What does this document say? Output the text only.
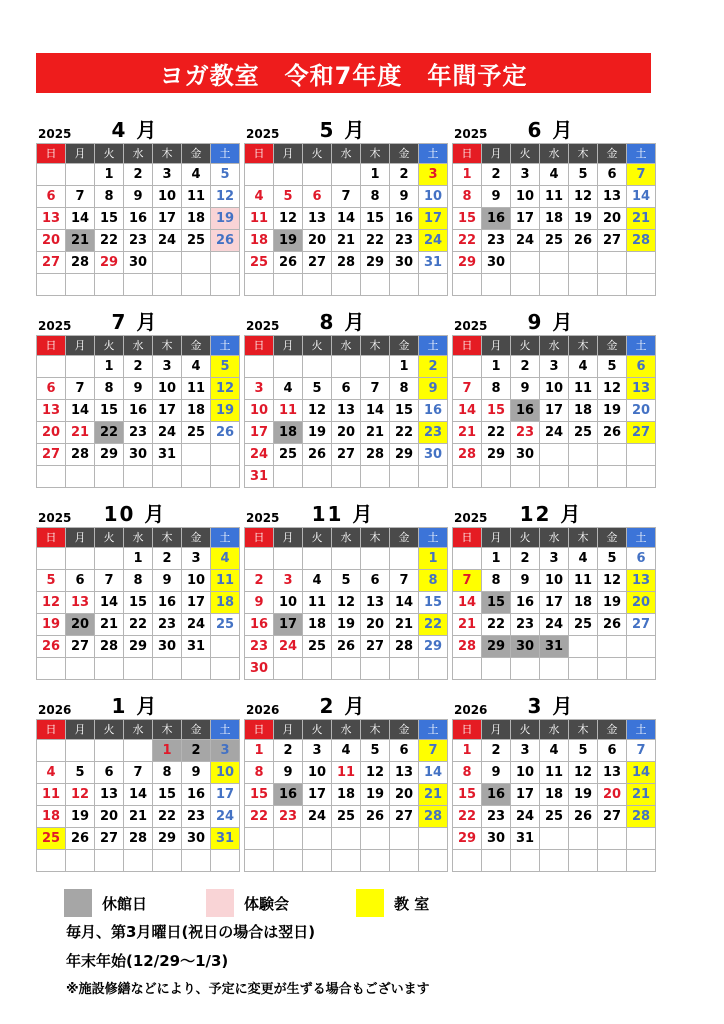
ヨガ教室　令和7年度　年間予定
4 月
2025
日	月	火	水	木	金	土
		1	2	3	4	5
6	7	8	9	10	11	12
13	14	15	16	17	18	19
20	21	22	23	24	25	26
27	28	29	30			

5 月
2025
日	月	火	水	木	金	土
				1	2	3
4	5	6	7	8	9	10
11	12	13	14	15	16	17
18	19	20	21	22	23	24
25	26	27	28	29	30	31

6 月
2025
日	月	火	水	木	金	土
1	2	3	4	5	6	7
8	9	10	11	12	13	14
15	16	17	18	19	20	21
22	23	24	25	26	27	28
29	30					

7 月
2025
日	月	火	水	木	金	土
		1	2	3	4	5
6	7	8	9	10	11	12
13	14	15	16	17	18	19
20	21	22	23	24	25	26
27	28	29	30	31		

8 月
2025
日	月	火	水	木	金	土
					1	2
3	4	5	6	7	8	9
10	11	12	13	14	15	16
17	18	19	20	21	22	23
24	25	26	27	28	29	30
31						
9 月
2025
日	月	火	水	木	金	土
	1	2	3	4	5	6
7	8	9	10	11	12	13
14	15	16	17	18	19	20
21	22	23	24	25	26	27
28	29	30				

10 月
2025
日	月	火	水	木	金	土
			1	2	3	4
5	6	7	8	9	10	11
12	13	14	15	16	17	18
19	20	21	22	23	24	25
26	27	28	29	30	31	

11 月
2025
日	月	火	水	木	金	土
						1
2	3	4	5	6	7	8
9	10	11	12	13	14	15
16	17	18	19	20	21	22
23	24	25	26	27	28	29
30						
12 月
2025
日	月	火	水	木	金	土
	1	2	3	4	5	6
7	8	9	10	11	12	13
14	15	16	17	18	19	20
21	22	23	24	25	26	27
28	29	30	31			

1 月
2026
日	月	火	水	木	金	土
				1	2	3
4	5	6	7	8	9	10
11	12	13	14	15	16	17
18	19	20	21	22	23	24
25	26	27	28	29	30	31

2 月
2026
日	月	火	水	木	金	土
1	2	3	4	5	6	7
8	9	10	11	12	13	14
15	16	17	18	19	20	21
22	23	24	25	26	27	28

3 月
2026
日	月	火	水	木	金	土
1	2	3	4	5	6	7
8	9	10	11	12	13	14
15	16	17	18	19	20	21
22	23	24	25	26	27	28
29	30	31				

休館日	体験会	教 室
毎月、第3月曜日(祝日の場合は翌日)
年末年始(12/29～1/3)
※施設修繕などにより、予定に変更が生ずる場合もございます
